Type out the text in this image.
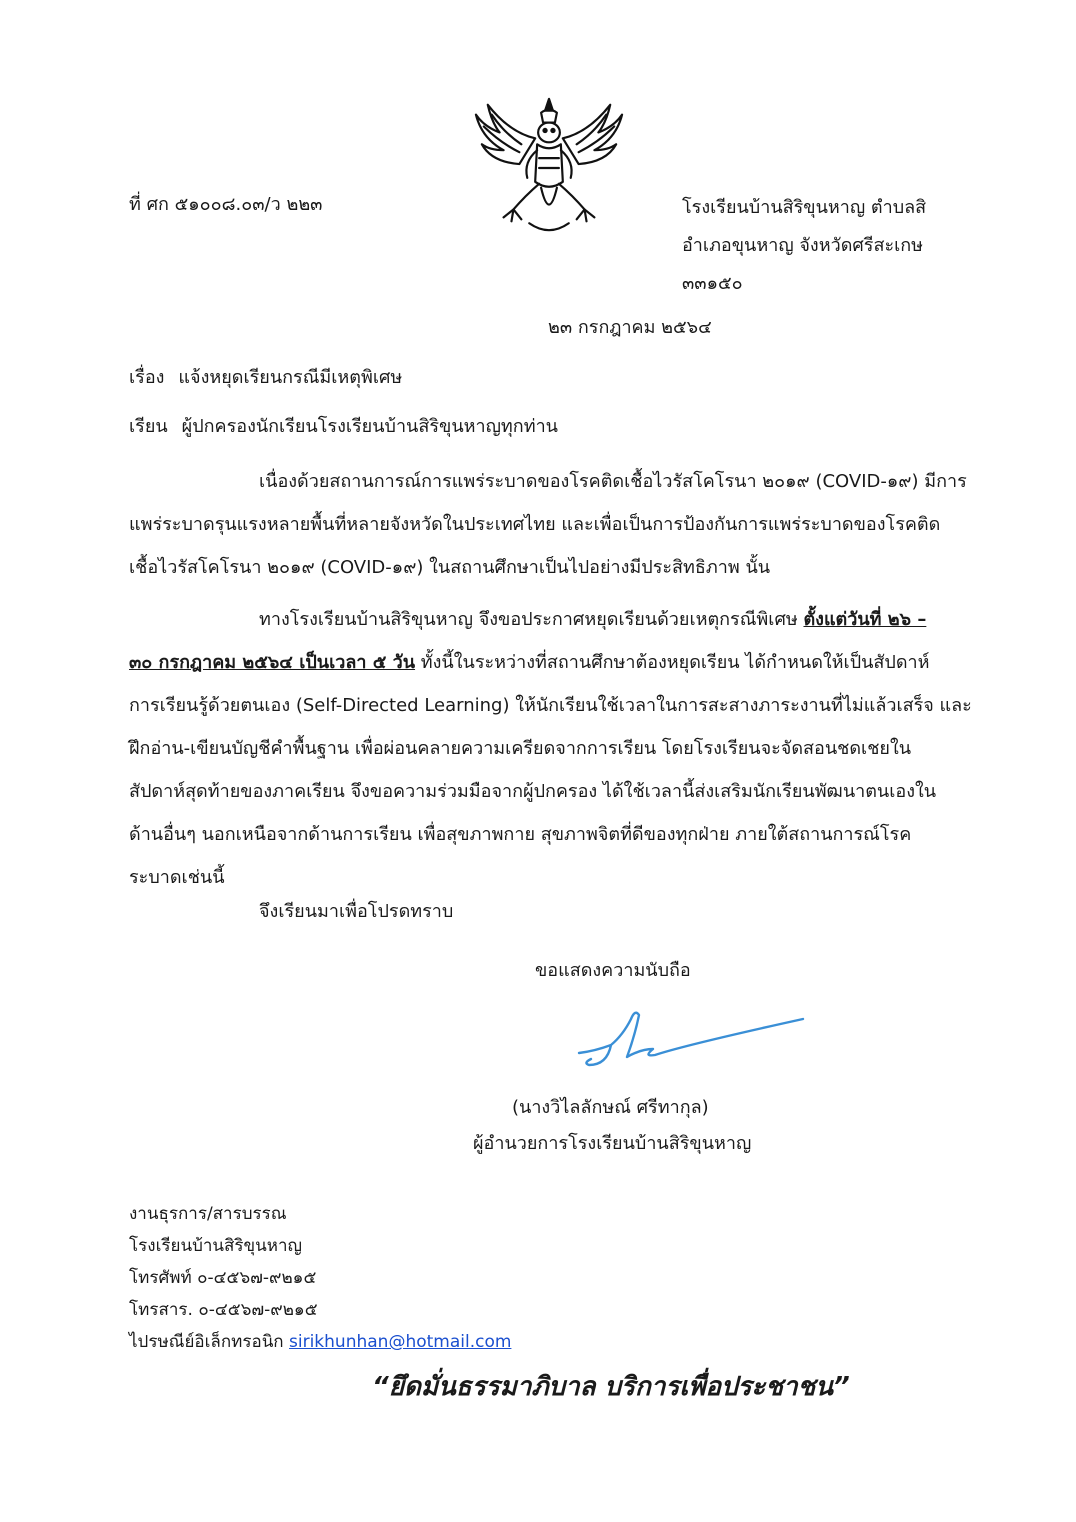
ที่ ศก ๕๑๐๐๘.๐๓/ว ๒๒๓	โรงเรียนบ้านสิริขุนหาญ ตำบลสิ
อำเภอขุนหาญ จังหวัดศรีสะเกษ
๓๓๑๕๐
๒๓ กรกฎาคม ๒๕๖๔
เรื่อง แจ้งหยุดเรียนกรณีมีเหตุพิเศษ
เรียน ผู้ปกครองนักเรียนโรงเรียนบ้านสิริขุนหาญทุกท่าน
เนื่องด้วยสถานการณ์การแพร่ระบาดของโรคติดเชื้อไวรัสโคโรนา ๒๐๑๙ (COVID-๑๙) มีการ
แพร่ระบาดรุนแรงหลายพื้นที่หลายจังหวัดในประเทศไทย และเพื่อเป็นการป้องกันการแพร่ระบาดของโรคติด
เชื้อไวรัสโคโรนา ๒๐๑๙ (COVID-๑๙) ในสถานศึกษาเป็นไปอย่างมีประสิทธิภาพ นั้น
ทางโรงเรียนบ้านสิริขุนหาญ จึงขอประกาศหยุดเรียนด้วยเหตุกรณีพิเศษ ตั้งแต่วันที่ ๒๖ –
๓๐ กรกฎาคม ๒๕๖๔ เป็นเวลา ๕ วัน ทั้งนี้ในระหว่างที่สถานศึกษาต้องหยุดเรียน ได้กำหนดให้เป็นสัปดาห์
การเรียนรู้ด้วยตนเอง (Self-Directed Learning) ให้นักเรียนใช้เวลาในการสะสางภาระงานที่ไม่แล้วเสร็จ และ
ฝึกอ่าน-เขียนบัญชีคำพื้นฐาน เพื่อผ่อนคลายความเครียดจากการเรียน โดยโรงเรียนจะจัดสอนชดเชยใน
สัปดาห์สุดท้ายของภาคเรียน จึงขอความร่วมมือจากผู้ปกครอง ได้ใช้เวลานี้ส่งเสริมนักเรียนพัฒนาตนเองใน
ด้านอื่นๆ นอกเหนือจากด้านการเรียน เพื่อสุขภาพกาย สุขภาพจิตที่ดีของทุกฝ่าย ภายใต้สถานการณ์โรค
ระบาดเช่นนี้
จึงเรียนมาเพื่อโปรดทราบ
ขอแสดงความนับถือ
(นางวิไลลักษณ์ ศรีทากุล)
ผู้อำนวยการโรงเรียนบ้านสิริขุนหาญ
งานธุรการ/สารบรรณ
โรงเรียนบ้านสิริขุนหาญ
โทรศัพท์ ๐-๔๕๖๗-๙๒๑๕
โทรสาร. ๐-๔๕๖๗-๙๒๑๕
ไปรษณีย์อิเล็กทรอนิก sirikhunhan@hotmail.com
“ยึดมั่นธรรมาภิบาล บริการเพื่อประชาชน”
